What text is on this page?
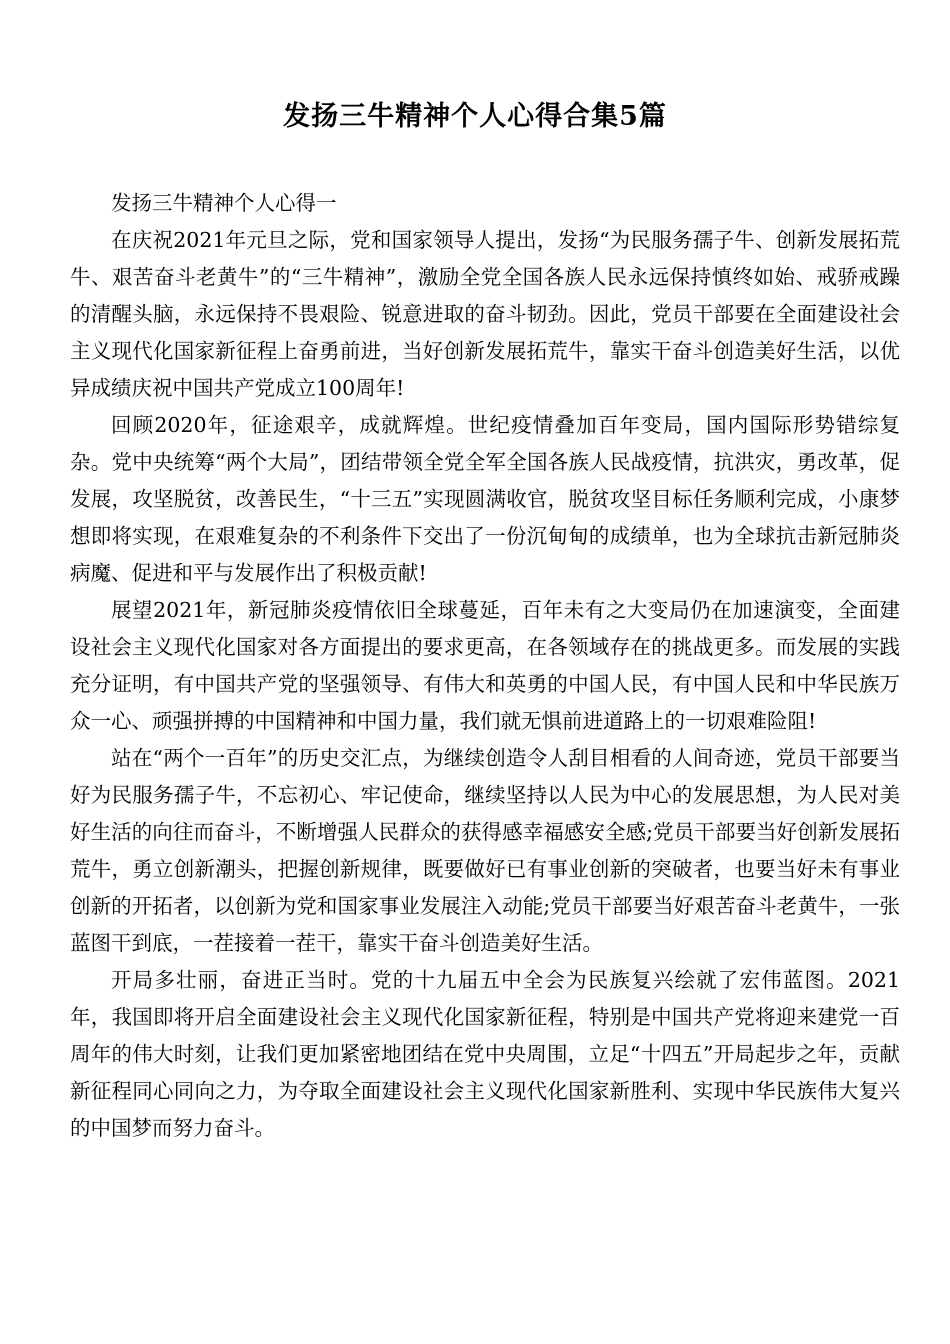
发扬三牛精神个人心得合集5篇

发扬三牛精神个人心得一

在庆祝2021年元旦之际，党和国家领导人提出，发扬“为民服务孺子牛、创新发展拓荒牛、艰苦奋斗老黄牛”的“三牛精神”，激励全党全国各族人民永远保持慎终如始、戒骄戒躁的清醒头脑，永远保持不畏艰险、锐意进取的奋斗韧劲。因此，党员干部要在全面建设社会主义现代化国家新征程上奋勇前进，当好创新发展拓荒牛，靠实干奋斗创造美好生活，以优异成绩庆祝中国共产党成立100周年!

回顾2020年，征途艰辛，成就辉煌。世纪疫情叠加百年变局，国内国际形势错综复杂。党中央统筹“两个大局”，团结带领全党全军全国各族人民战疫情，抗洪灾，勇改革，促发展，攻坚脱贫，改善民生，“十三五”实现圆满收官，脱贫攻坚目标任务顺利完成，小康梦想即将实现，在艰难复杂的不利条件下交出了一份沉甸甸的成绩单，也为全球抗击新冠肺炎病魔、促进和平与发展作出了积极贡献!

展望2021年，新冠肺炎疫情依旧全球蔓延，百年未有之大变局仍在加速演变，全面建设社会主义现代化国家对各方面提出的要求更高，在各领域存在的挑战更多。而发展的实践充分证明，有中国共产党的坚强领导、有伟大和英勇的中国人民，有中国人民和中华民族万众一心、顽强拼搏的中国精神和中国力量，我们就无惧前进道路上的一切艰难险阻!

站在“两个一百年”的历史交汇点，为继续创造令人刮目相看的人间奇迹，党员干部要当好为民服务孺子牛，不忘初心、牢记使命，继续坚持以人民为中心的发展思想，为人民对美好生活的向往而奋斗，不断增强人民群众的获得感幸福感安全感;党员干部要当好创新发展拓荒牛，勇立创新潮头，把握创新规律，既要做好已有事业创新的突破者，也要当好未有事业创新的开拓者，以创新为党和国家事业发展注入动能;党员干部要当好艰苦奋斗老黄牛，一张蓝图干到底，一茬接着一茬干，靠实干奋斗创造美好生活。

开局多壮丽，奋进正当时。党的十九届五中全会为民族复兴绘就了宏伟蓝图。2021年，我国即将开启全面建设社会主义现代化国家新征程，特别是中国共产党将迎来建党一百周年的伟大时刻，让我们更加紧密地团结在党中央周围，立足“十四五”开局起步之年，贡献新征程同心同向之力，为夺取全面建设社会主义现代化国家新胜利、实现中华民族伟大复兴的中国梦而努力奋斗。
